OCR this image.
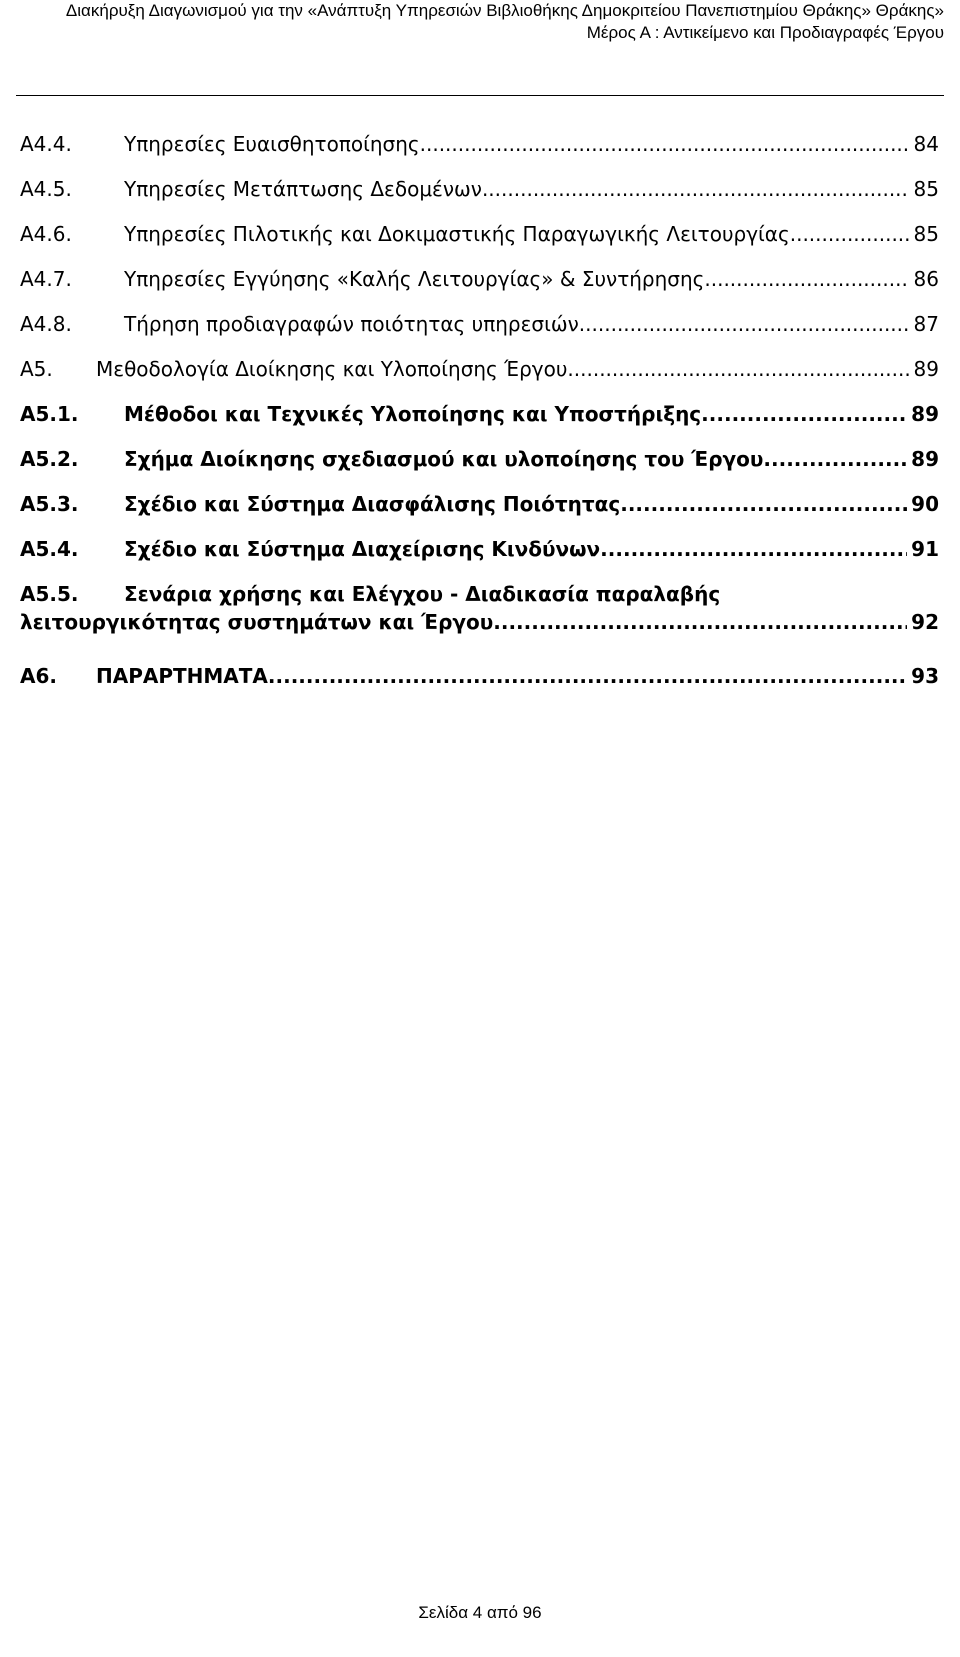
Διακήρυξη Διαγωνισμού για την «Ανάπτυξη Υπηρεσιών Βιβλιοθήκης Δημοκριτείου Πανεπιστημίου Θράκης» Θράκης»
Μέρος Α : Αντικείμενο και Προδιαγραφές Έργου
Α4.4.	Υπηρεσίες Ευαισθητοποίησης .....	84
Α4.5.	Υπηρεσίες Μετάπτωσης Δεδομένων .....	85
Α4.6.	Υπηρεσίες Πιλοτικής και Δοκιμαστικής Παραγωγικής Λειτουργίας .....	85
Α4.7.	Υπηρεσίες Εγγύησης «Καλής Λειτουργίας» & Συντήρησης .....	86
Α4.8.	Τήρηση προδιαγραφών ποιότητας υπηρεσιών .....	87
Α5.	Μεθοδολογία Διοίκησης και Υλοποίησης Έργου .....	89
Α5.1.	Μέθοδοι και Τεχνικές Υλοποίησης και Υποστήριξης .....	89
Α5.2.	Σχήμα Διοίκησης σχεδιασμού και υλοποίησης του Έργου .....	89
Α5.3.	Σχέδιο και Σύστημα Διασφάλισης Ποιότητας .....	90
Α5.4.	Σχέδιο και Σύστημα Διαχείρισης Κινδύνων .....	91
Α5.5.	Σενάρια χρήσης και Ελέγχου - Διαδικασία παραλαβής
λειτουργικότητας συστημάτων και Έργου .....	92
Α6.	ΠΑΡΑΡΤΗΜΑΤΑ .....	93
Σελίδα 4 από 96
